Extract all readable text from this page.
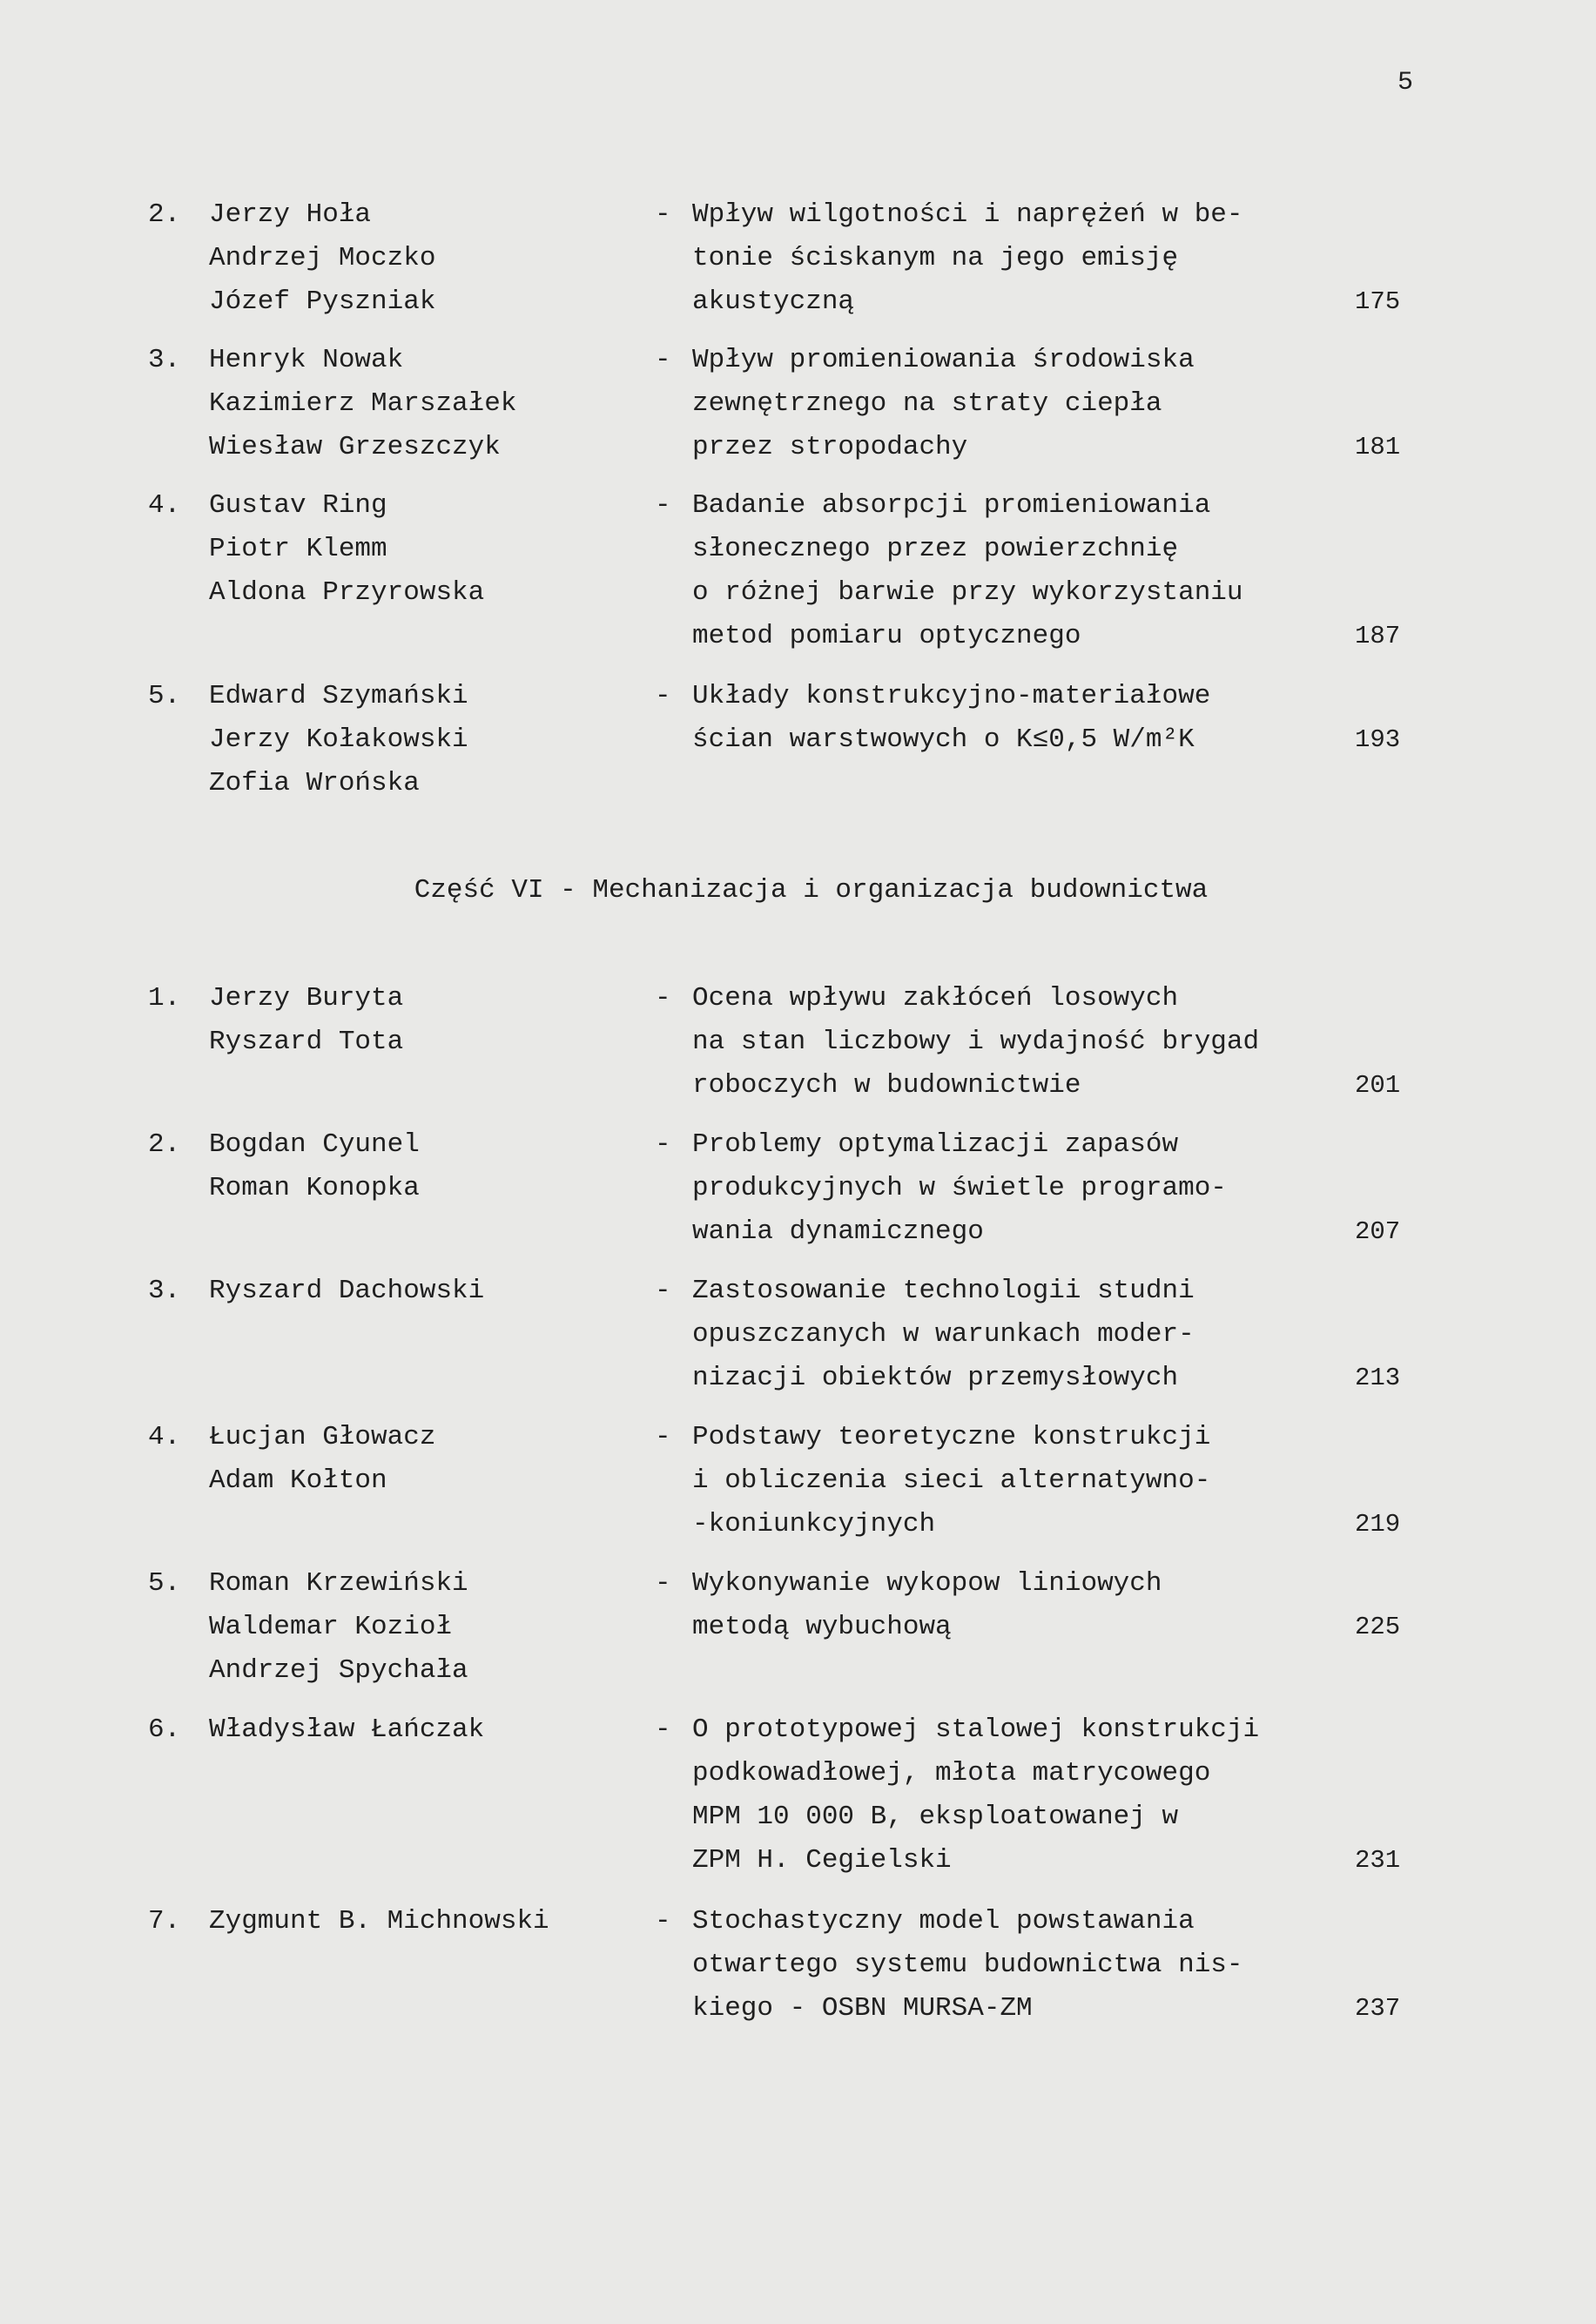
5
2.	Jerzy Hoła
Andrzej Moczko
Józef Pyszniak
- Wpływ wilgotności i naprężeń w be-
tonie ściskanym na jego emisję
akustyczną	175
3.	Henryk Nowak
Kazimierz Marszałek
Wiesław Grzeszczyk
- Wpływ promieniowania środowiska
zewnętrznego na straty ciepła
przez stropodachy	181
4.	Gustav Ring
Piotr Klemm
Aldona Przyrowska
- Badanie absorpcji promieniowania
słonecznego przez powierzchnię
o różnej barwie przy wykorzystaniu
metod pomiaru optycznego	187
5.	Edward Szymański
Jerzy Kołakowski
Zofia Wrońska
- Układy konstrukcyjno-materiałowe
ścian warstwowych o K≤0,5 W/m²K	193
Część VI - Mechanizacja i organizacja budownictwa
1.	Jerzy Buryta
Ryszard Tota
- Ocena wpływu zakłóceń losowych
na stan liczbowy i wydajność brygad
roboczych w budownictwie	201
2.	Bogdan Cyunel
Roman Konopka
- Problemy optymalizacji zapasów
produkcyjnych w świetle programo-
wania dynamicznego	207
3.	Ryszard Dachowski	- Zastosowanie technologii studni
opuszczanych w warunkach moder-
nizacji obiektów przemysłowych	213
4.	Łucjan Głowacz
Adam Kołton
- Podstawy teoretyczne konstrukcji
i obliczenia sieci alternatywno-
-koniunkcyjnych	219
5.	Roman Krzewiński
Waldemar Kozioł
Andrzej Spychała
- Wykonywanie wykopow liniowych
metodą wybuchową	225
6.	Władysław Łańczak	- O prototypowej stalowej konstrukcji
podkowadłowej, młota matrycowego
MPM 10 000 B, eksploatowanej w
ZPM H. Cegielski	231
7.	Zygmunt B. Michnowski	- Stochastyczny model powstawania
otwartego systemu budownictwa nis-
kiego - OSBN MURSA-ZM	237
